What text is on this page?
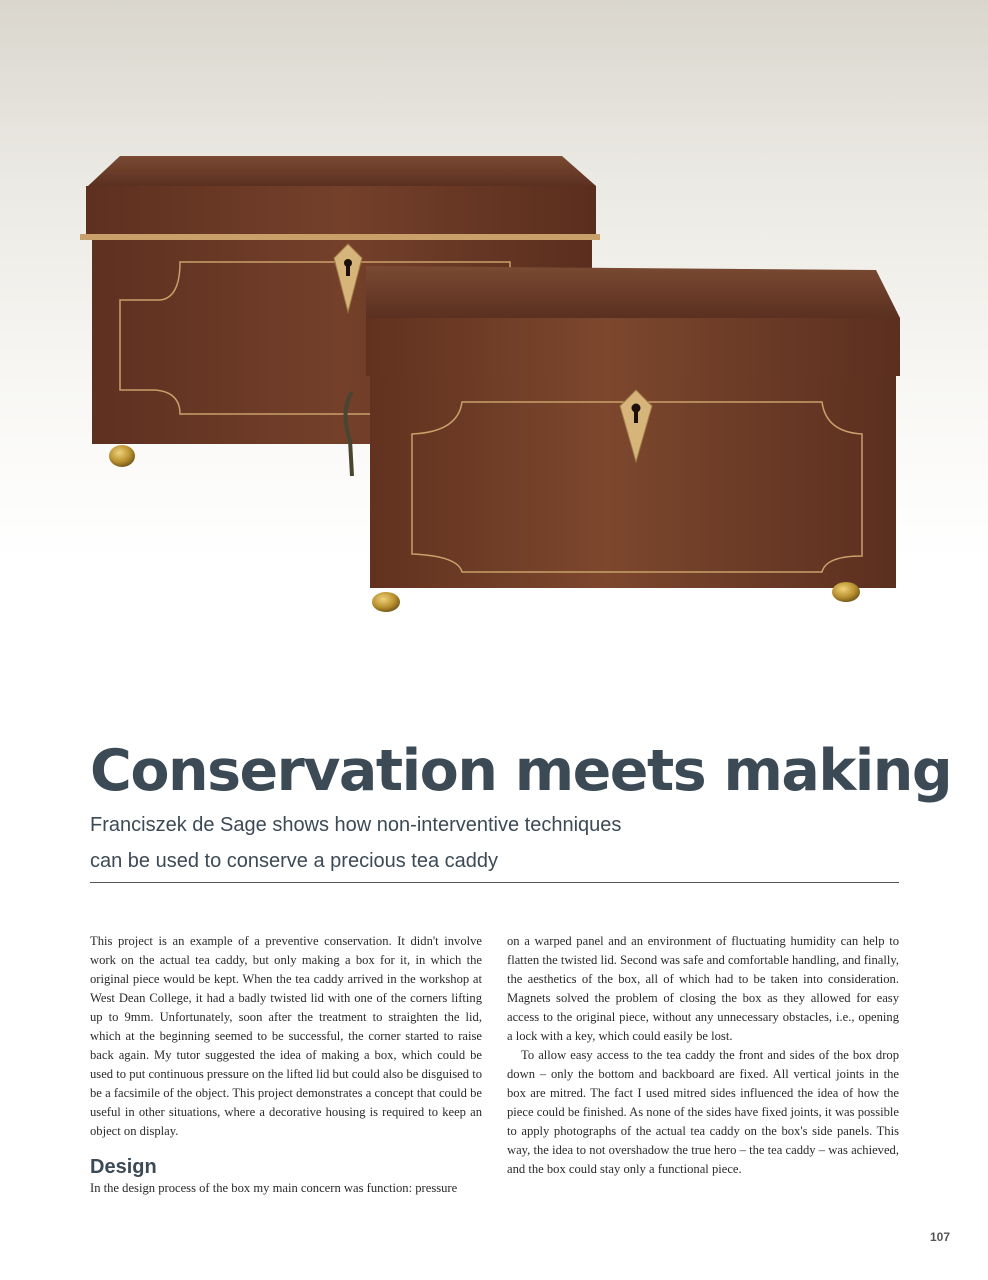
Conservation meets making

Franciszek de Sage shows how non-interventive techniques

can be used to conserve a precious tea caddy

This project is an example of a preventive conservation. It didn't involve work on the actual tea caddy, but only making a box for it, in which the original piece would be kept. When the tea caddy arrived in the workshop at West Dean College, it had a badly twisted lid with one of the corners lifting up to 9mm. Unfortunately, soon after the treatment to straighten the lid, which at the beginning seemed to be successful, the corner started to raise back again. My tutor suggested the idea of making a box, which could be used to put continuous pressure on the lifted lid but could also be disguised to be a facsimile of the object. This project demonstrates a concept that could be useful in other situations, where a decorative housing is required to keep an object on display.

Design

In the design process of the box my main concern was function: pressure

on a warped panel and an environment of fluctuating humidity can help to flatten the twisted lid. Second was safe and comfortable handling, and finally, the aesthetics of the box, all of which had to be taken into consideration. Magnets solved the problem of closing the box as they allowed for easy access to the original piece, without any unnecessary obstacles, i.e., opening a lock with a key, which could easily be lost.

To allow easy access to the tea caddy the front and sides of the box drop down – only the bottom and backboard are fixed. All vertical joints in the box are mitred. The fact I used mitred sides influenced the idea of how the piece could be finished. As none of the sides have fixed joints, it was possible to apply photographs of the actual tea caddy on the box's side panels. This way, the idea to not overshadow the true hero – the tea caddy – was achieved, and the box could stay only a functional piece.

107
